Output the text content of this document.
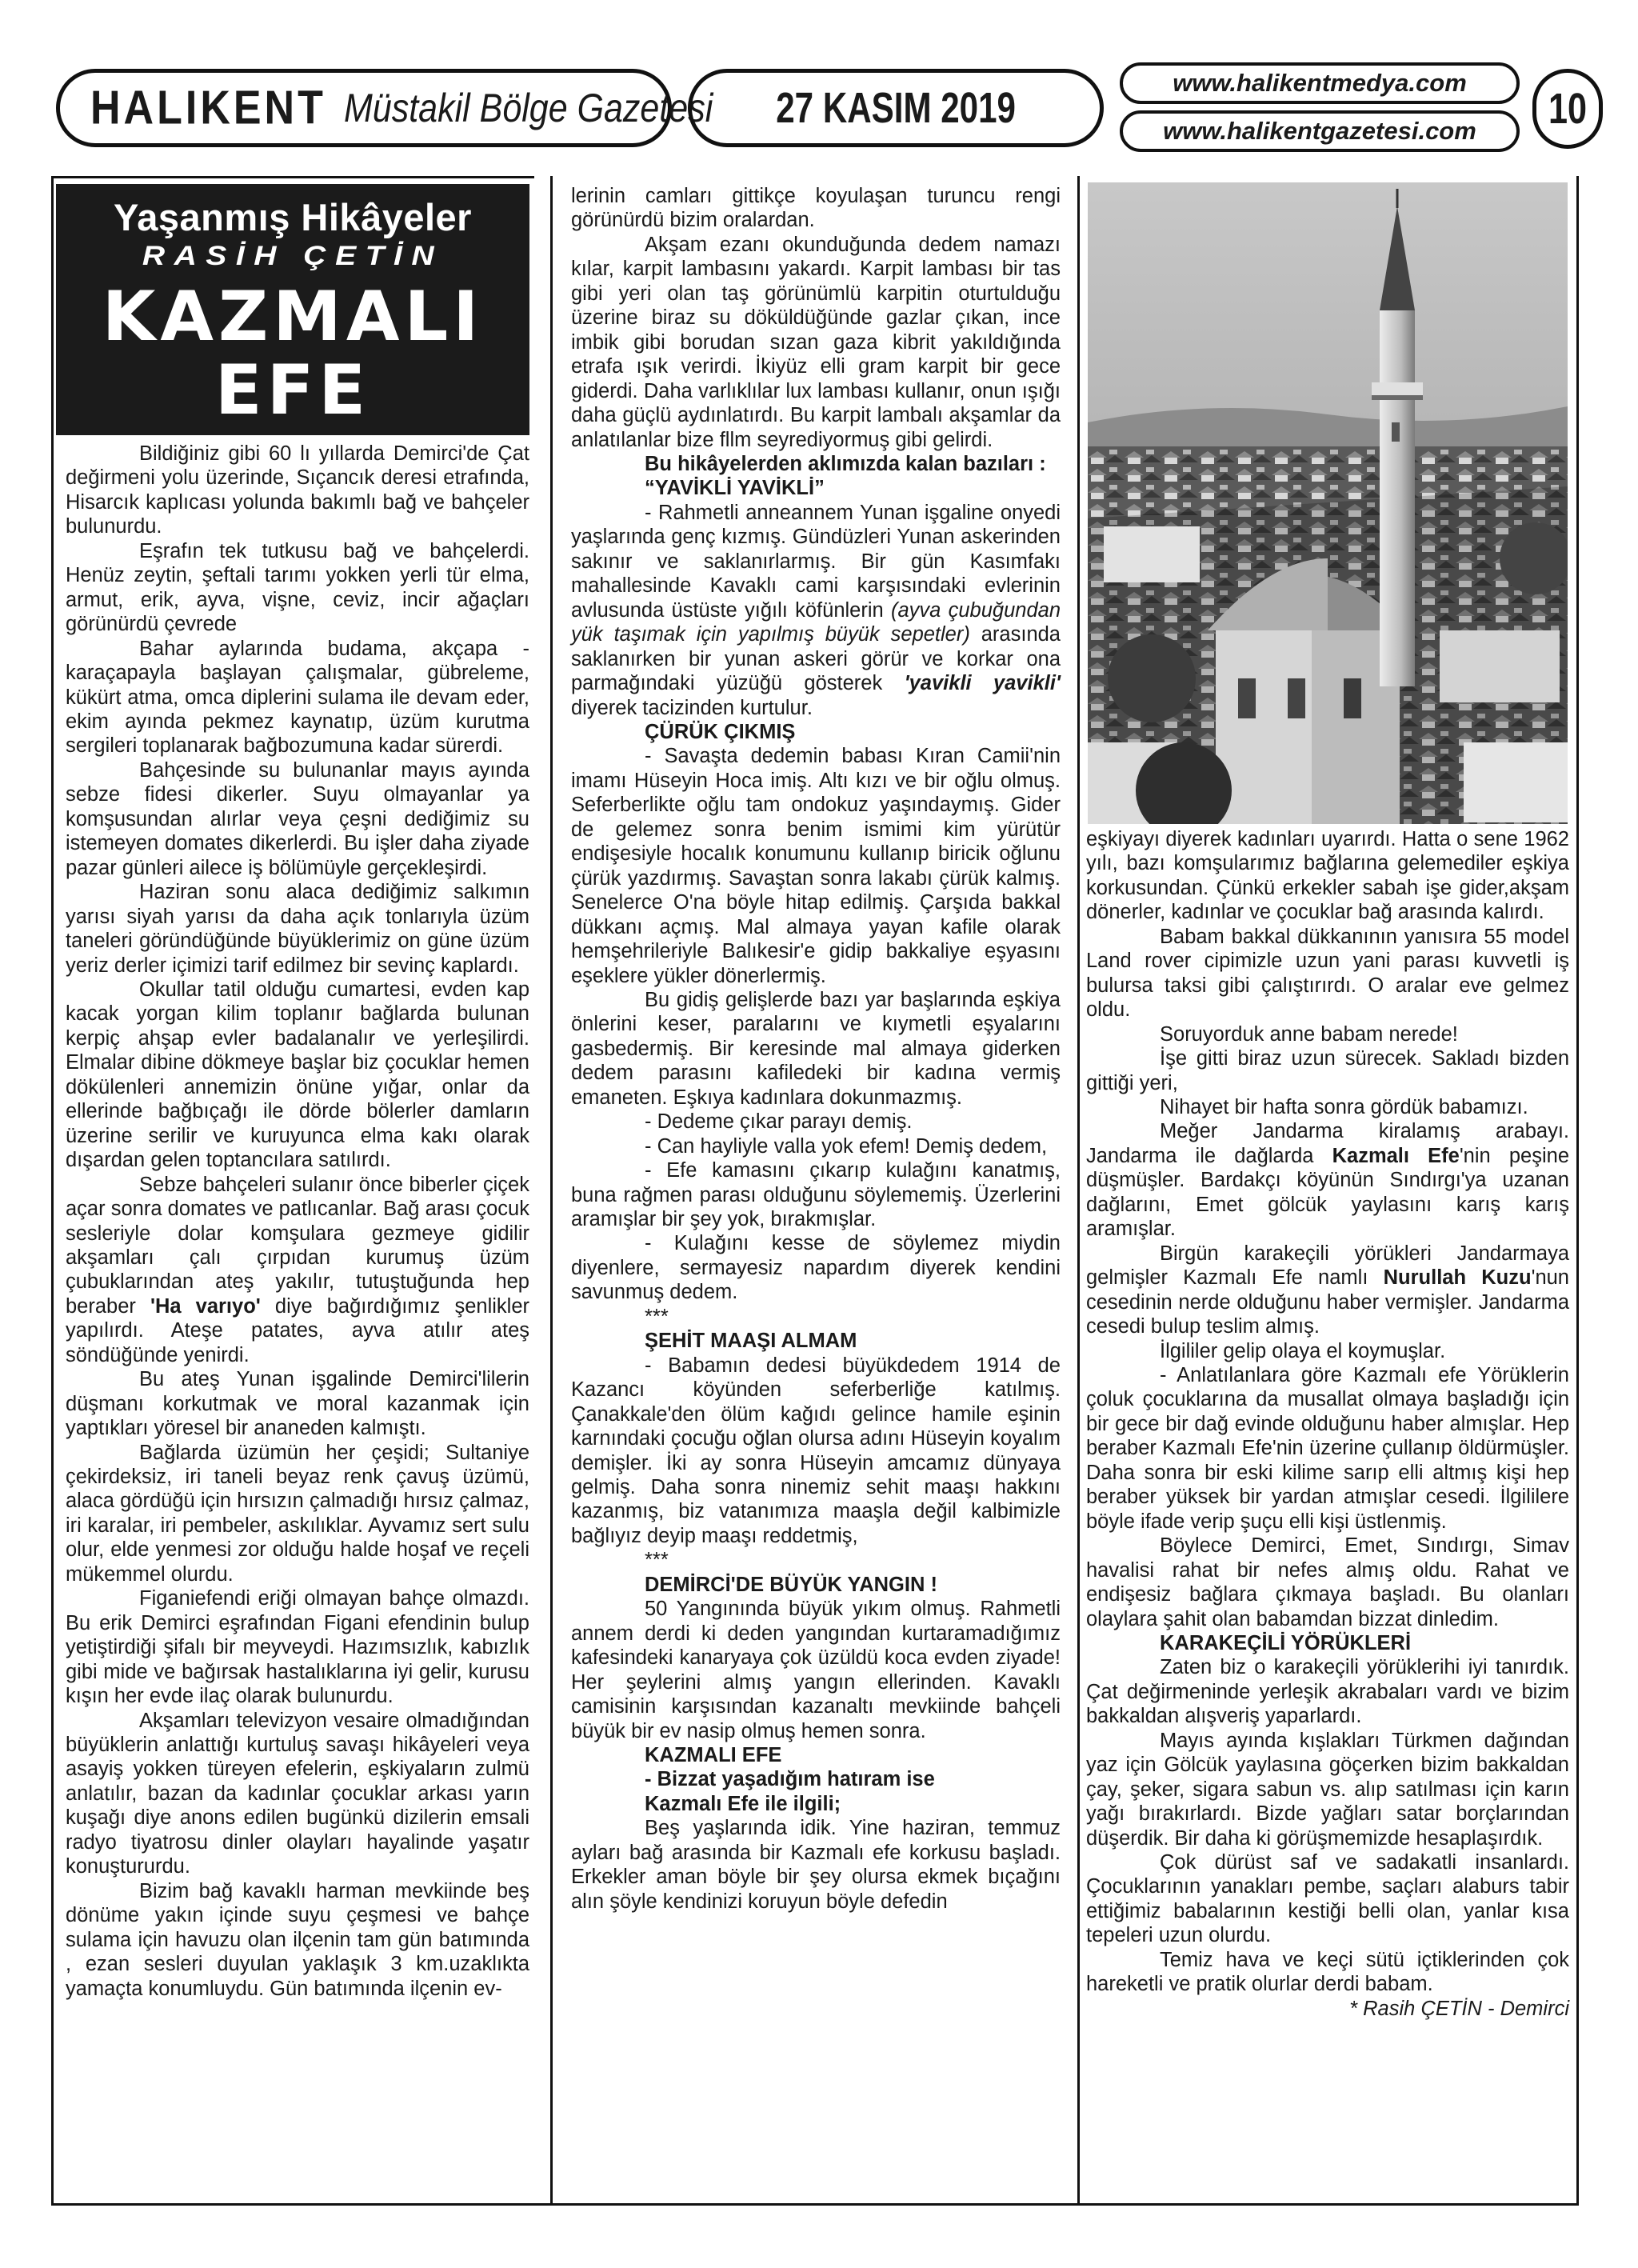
HALIKENT Müstakil Bölge Gazetesi 27 KASIM 2019
www.halikentmedya.com
www.halikentgazetesi.com 10
Yaşanmış Hikâyeler
RASİH ÇETİN
KAZMALI
EFE

Bildiğiniz gibi 60 lı yıllarda Demirci'de Çat değirmeni yolu üzerinde, Sıçancık deresi etrafında, Hisarcık kaplıcası yolunda bakımlı bağ ve bahçeler bulunurdu.

Eşrafın tek tutkusu bağ ve bahçelerdi. Henüz zeytin, şeftali tarımı yokken yerli tür elma, armut, erik, ayva, vişne, ceviz, incir ağaçları görünürdü çevrede

Bahar aylarında budama, akçapa - karaçapayla başlayan çalışmalar, gübreleme, kükürt atma, omca diplerini sulama ile devam eder, ekim ayında pekmez kaynatıp, üzüm kurutma sergileri toplanarak bağbozumuna kadar sürerdi.

Bahçesinde su bulunanlar mayıs ayında sebze fidesi dikerler. Suyu olmayanlar ya komşusundan alırlar veya çeşni dediğimiz su istemeyen domates dikerlerdi. Bu işler daha ziyade pazar günleri ailece iş bölümüyle gerçekleşirdi.

Haziran sonu alaca dediğimiz salkımın yarısı siyah yarısı da daha açık tonlarıyla üzüm taneleri göründüğünde büyüklerimiz on güne üzüm yeriz derler içimizi tarif edilmez bir sevinç kaplardı.

Okullar tatil olduğu cumartesi, evden kap kacak yorgan kilim toplanır bağlarda bulunan kerpiç ahşap evler badalanalır ve yerleşilirdi. Elmalar dibine dökmeye başlar biz çocuklar hemen dökülenleri annemizin önüne yığar, onlar da ellerinde bağbıçağı ile dörde bölerler damların üzerine serilir ve kuruyunca elma kakı olarak dışardan gelen toptancılara satılırdı.

Sebze bahçeleri sulanır önce biberler çiçek açar sonra domates ve patlıcanlar. Bağ arası çocuk sesleriyle dolar komşulara gezmeye gidilir akşamları çalı çırpıdan kurumuş üzüm çubuklarından ateş yakılır, tutuştuğunda hep beraber 'Ha varıyo' diye bağırdığımız şenlikler yapılırdı. Ateşe patates, ayva atılır ateş söndüğünde yenirdi.

Bu ateş Yunan işgalinde Demirci'lilerin düşmanı korkutmak ve moral kazanmak için yaptıkları yöresel bir ananeden kalmıştı.

Bağlarda üzümün her çeşidi; Sultaniye çekirdeksiz, iri taneli beyaz renk çavuş üzümü, alaca gördüğü için hırsızın çalmadığı hırsız çalmaz, iri karalar, iri pembeler, askılıklar. Ayvamız sert sulu olur, elde yenmesi zor olduğu halde hoşaf ve reçeli mükemmel olurdu.

Figaniefendi eriği olmayan bahçe olmazdı. Bu erik Demirci eşrafından Figani efendinin bulup yetiştirdiği şifalı bir meyveydi. Hazımsızlık, kabızlık gibi mide ve bağırsak hastalıklarına iyi gelir, kurusu kışın her evde ilaç olarak bulunurdu.

Akşamları televizyon vesaire olmadığından büyüklerin anlattığı kurtuluş savaşı hikâyeleri veya asayiş yokken türeyen efelerin, eşkiyaların zulmü anlatılır, bazan da kadınlar çocuklar arkası yarın kuşağı diye anons edilen bugünkü dizilerin emsali radyo tiyatrosu dinler olayları hayalinde yaşatır konuştururdu.

Bizim bağ kavaklı harman mevkiinde beş dönüme yakın içinde suyu çeşmesi ve bahçe sulama için havuzu olan ilçenin tam gün batımında , ezan sesleri duyulan yaklaşık 3 km.uzaklıkta yamaçta konumluydu. Gün batımında ilçenin ev-

lerinin camları gittikçe koyulaşan turuncu rengi görünürdü bizim oralardan.

Akşam ezanı okunduğunda dedem namazı kılar, karpit lambasını yakardı. Karpit lambası bir tas gibi yeri olan taş görünümlü karpitin oturtulduğu üzerine biraz su döküldüğünde gazlar çıkan, ince imbik gibi borudan sızan gaza kibrit yakıldığında etrafa ışık verirdi. İkiyüz elli gram karpit bir gece giderdi. Daha varlıklılar lux lambası kullanır, onun ışığı daha güçlü aydınlatırdı. Bu karpit lambalı akşamlar da anlatılanlar bize fllm seyrediyormuş gibi gelirdi.

Bu hikâyelerden aklımızda kalan bazıları :

“YAVİKLİ YAVİKLİ”

- Rahmetli anneannem Yunan işgaline onyedi yaşlarında genç kızmış. Gündüzleri Yunan askerinden sakınır ve saklanırlarmış. Bir gün Kasımfakı mahallesinde Kavaklı cami karşısındaki evlerinin avlusunda üstüste yığılı köfünlerin (ayva çubuğundan yük taşımak için yapılmış büyük sepetler) arasında saklanırken bir yunan askeri görür ve korkar ona parmağındaki yüzüğü gösterek 'yavikli yavikli' diyerek tacizinden kurtulur.

ÇÜRÜK ÇIKMIŞ

- Savaşta dedemin babası Kıran Camii'nin imamı Hüseyin Hoca imiş. Altı kızı ve bir oğlu olmuş. Seferberlikte oğlu tam ondokuz yaşındaymış. Gider de gelemez sonra benim ismimi kim yürütür endişesiyle hocalık konumunu kullanıp biricik oğlunu çürük yazdırmış. Savaştan sonra lakabı çürük kalmış. Senelerce O'na böyle hitap edilmiş. Çarşıda bakkal dükkanı açmış. Mal almaya yayan kafile olarak hemşehrileriyle Balıkesir'e gidip bakkaliye eşyasını eşeklere yükler dönerlermiş.

Bu gidiş gelişlerde bazı yar başlarında eşkiya önlerini keser, paralarını ve kıymetli eşyalarını gasbedermiş. Bir keresinde mal almaya giderken dedem parasını kafiledeki bir kadına vermiş emaneten. Eşkıya kadınlara dokunmazmış.

- Dedeme çıkar parayı demiş.

- Can hayliyle valla yok efem! Demiş dedem,

- Efe kamasını çıkarıp kulağını kanatmış, buna rağmen parası olduğunu söylememiş. Üzerlerini aramışlar bir şey yok, bırakmışlar.

- Kulağını kesse de söylemez miydin diyenlere, sermayesiz napardım diyerek kendini savunmuş dedem.

***

ŞEHİT MAAŞI ALMAM

- Babamın dedesi büyükdedem 1914 de Kazancı köyünden seferberliğe katılmış. Çanakkale'den ölüm kağıdı gelince hamile eşinin karnındaki çocuğu oğlan olursa adını Hüseyin koyalım demişler. İki ay sonra Hüseyin amcamız dünyaya gelmiş. Daha sonra ninemiz sehit maaşı hakkını kazanmış, biz vatanımıza maaşla değil kalbimizle bağlıyız deyip maaşı reddetmiş,

***

DEMİRCİ'DE BÜYÜK YANGIN !

50 Yangınında büyük yıkım olmuş. Rahmetli annem derdi ki deden yangından kurtaramadığımız kafesindeki kanaryaya çok üzüldü koca evden ziyade! Her şeylerini almış yangın ellerinden. Kavaklı camisinin karşısından kazanaltı mevkiinde bahçeli büyük bir ev nasip olmuş hemen sonra.

KAZMALI EFE

- Bizzat yaşadığım hatıram ise

Kazmalı Efe ile ilgili;

Beş yaşlarında idik. Yine haziran, temmuz ayları bağ arasında bir Kazmalı efe korkusu başladı. Erkekler aman böyle bir şey olursa ekmek bıçağını alın şöyle kendinizi koruyun böyle defedin

eşkiyayı diyerek kadınları uyarırdı. Hatta o sene 1962 yılı, bazı komşularımız bağlarına gelemediler eşkiya korkusundan. Çünkü erkekler sabah işe gider,akşam dönerler, kadınlar ve çocuklar bağ arasında kalırdı.

Babam bakkal dükkanının yanısıra 55 model Land rover cipimizle uzun yani parası kuvvetli iş bulursa taksi gibi çalıştırırdı. O aralar eve gelmez oldu.

Soruyorduk anne babam nerede!

İşe gitti biraz uzun sürecek. Sakladı bizden gittiği yeri,

Nihayet bir hafta sonra gördük babamızı.

Meğer Jandarma kiralamış arabayı. Jandarma ile dağlarda Kazmalı Efe'nin peşine düşmüşler. Bardakçı köyünün Sındırgı'ya uzanan dağlarını, Emet gölcük yaylasını karış karış aramışlar.

Birgün karakeçili yörükleri Jandarmaya gelmişler Kazmalı Efe namlı Nurullah Kuzu'nun cesedinin nerde olduğunu haber vermişler. Jandarma cesedi bulup teslim almış.

İlgililer gelip olaya el koymuşlar.

- Anlatılanlara göre Kazmalı efe Yörüklerin çoluk çocuklarına da musallat olmaya başladığı için bir gece bir dağ evinde olduğunu haber almışlar. Hep beraber Kazmalı Efe'nin üzerine çullanıp öldürmüşler. Daha sonra bir eski kilime sarıp elli altmış kişi hep beraber yüksek bir yardan atmışlar cesedi. İlgililere böyle ifade verip şuçu elli kişi üstlenmiş.

Böylece Demirci, Emet, Sındırgı, Simav havalisi rahat bir nefes almış oldu. Rahat ve endişesiz bağlara çıkmaya başladı. Bu olanları olaylara şahit olan babamdan bizzat dinledim.

KARAKEÇİLİ YÖRÜKLERİ

Zaten biz o karakeçili yörüklerihi iyi tanırdık. Çat değirmeninde yerleşik akrabaları vardı ve bizim bakkaldan alışveriş yaparlardı.

Mayıs ayında kışlakları Türkmen dağından yaz için Gölcük yaylasına göçerken bizim bakkaldan çay, şeker, sigara sabun vs. alıp satılması için karın yağı bırakırlardı. Bizde yağları satar borçlarından düşerdik. Bir daha ki görüşmemizde hesaplaşırdık.

Çok dürüst saf ve sadakatli insanlardı. Çocuklarının yanakları pembe, saçları alaburs tabir ettiğimiz babalarının kestiği belli olan, yanlar kısa tepeleri uzun olurdu.

Temiz hava ve keçi sütü içtiklerinden çok hareketli ve pratik olurlar derdi babam.

* Rasih ÇETİN - Demirci
